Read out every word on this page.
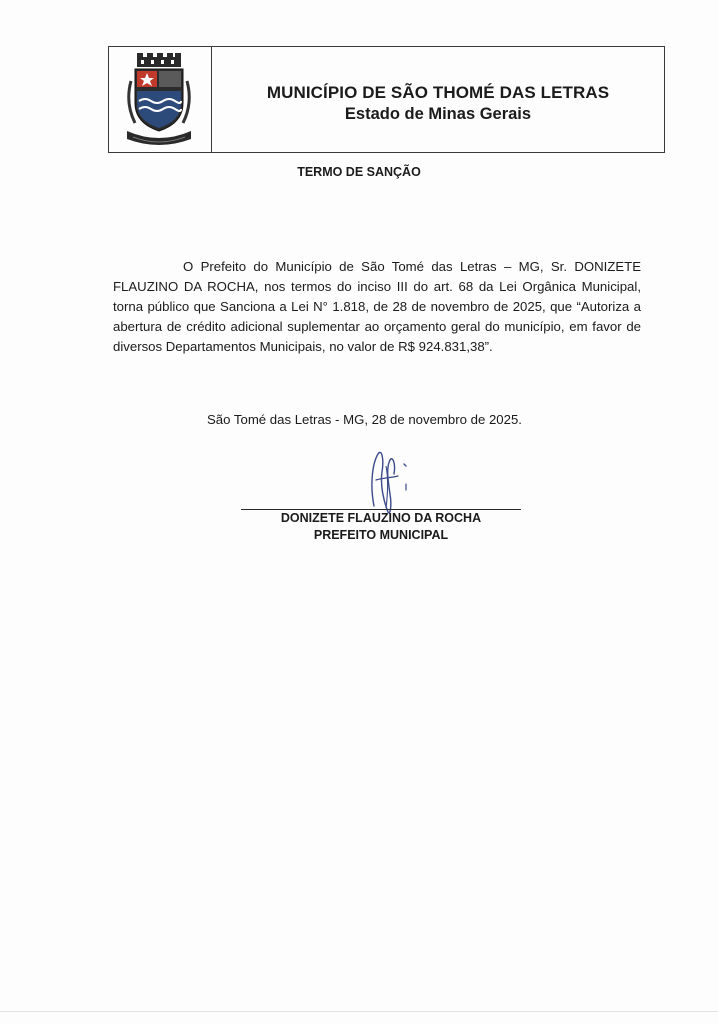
MUNICÍPIO DE SÃO THOMÉ DAS LETRAS
Estado de Minas Gerais
TERMO DE SANÇÃO

O Prefeito do Município de São Tomé das Letras – MG, Sr. DONIZETE FLAUZINO DA ROCHA, nos termos do inciso III do art. 68 da Lei Orgânica Municipal, torna público que Sanciona a Lei N° 1.818, de 28 de novembro de 2025, que “Autoriza a abertura de crédito adicional suplementar ao orçamento geral do município, em favor de diversos Departamentos Municipais, no valor de R$ 924.831,38”.

São Tomé das Letras - MG, 28 de novembro de 2025.
DONIZETE FLAUZINO DA ROCHA
PREFEITO MUNICIPAL
